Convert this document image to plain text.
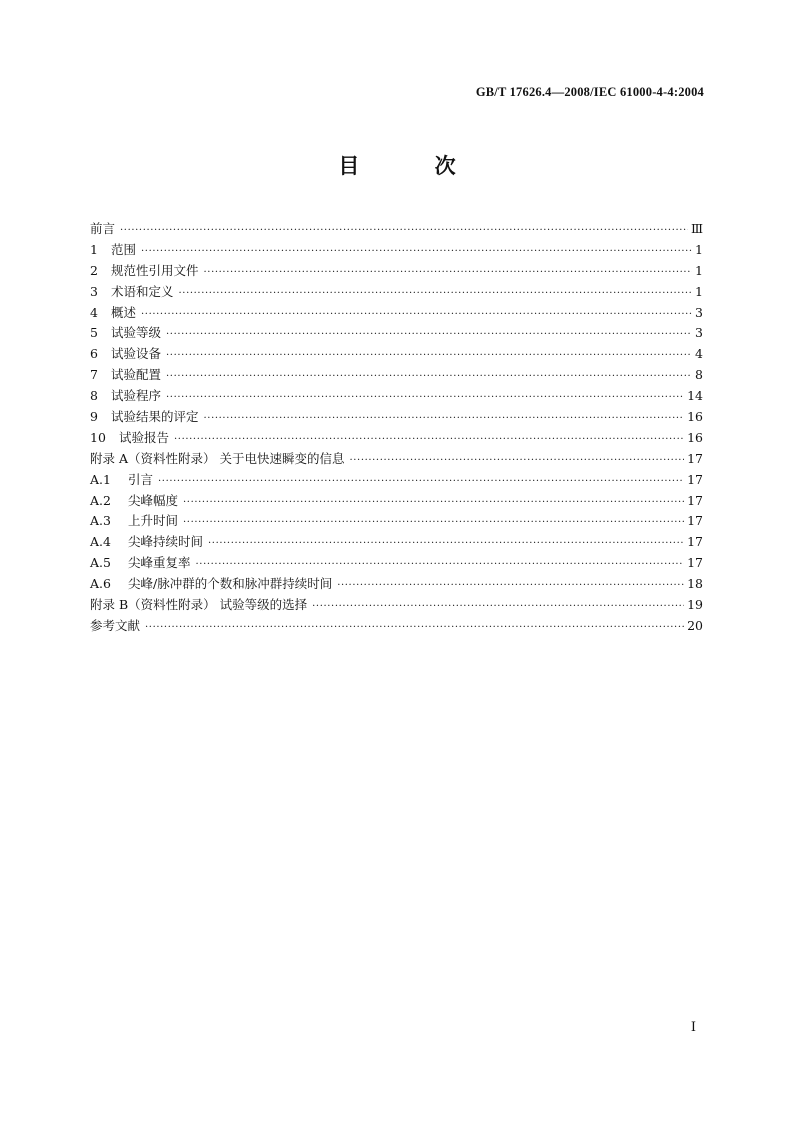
GB/T 17626.4—2008/IEC 61000-4-4:2004
目 次
前言 ·····	Ⅲ
1	范围 ·····	1
2	规范性引用文件 ·····	1
3	术语和定义 ·····	1
4	概述 ·····	3
5	试验等级 ·····	3
6	试验设备 ·····	4
7	试验配置 ·····	8
8	试验程序 ·····	14
9	试验结果的评定 ·····	16
10	试验报告 ·····	16
附录 A（资料性附录） 关于电快速瞬变的信息 ·····	17
A.1	引言 ·····	17
A.2	尖峰幅度 ·····	17
A.3	上升时间 ·····	17
A.4	尖峰持续时间 ·····	17
A.5	尖峰重复率 ·····	17
A.6	尖峰/脉冲群的个数和脉冲群持续时间 ·····	18
附录 B（资料性附录） 试验等级的选择 ·····	19
参考文献 ·····	20
Ⅰ
